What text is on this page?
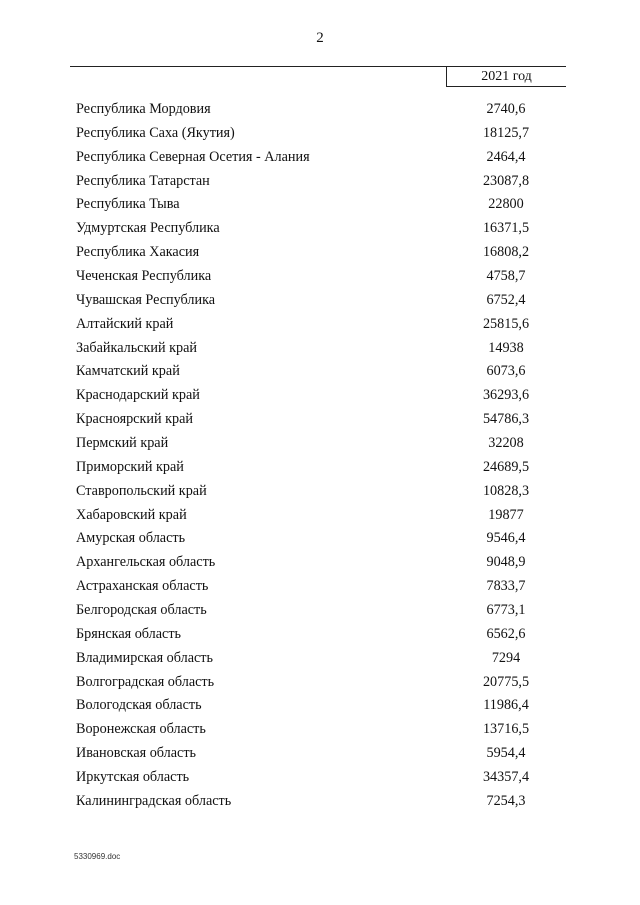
2
2021 год
Республика Мордовия	2740,6
Республика Саха (Якутия)	18125,7
Республика Северная Осетия - Алания	2464,4
Республика Татарстан	23087,8
Республика Тыва	22800
Удмуртская Республика	16371,5
Республика Хакасия	16808,2
Чеченская Республика	4758,7
Чувашская Республика	6752,4
Алтайский край	25815,6
Забайкальский край	14938
Камчатский край	6073,6
Краснодарский край	36293,6
Красноярский край	54786,3
Пермский край	32208
Приморский край	24689,5
Ставропольский край	10828,3
Хабаровский край	19877
Амурская область	9546,4
Архангельская область	9048,9
Астраханская область	7833,7
Белгородская область	6773,1
Брянская область	6562,6
Владимирская область	7294
Волгоградская область	20775,5
Вологодская область	11986,4
Воронежская область	13716,5
Ивановская область	5954,4
Иркутская область	34357,4
Калининградская область	7254,3
5330969.doc
